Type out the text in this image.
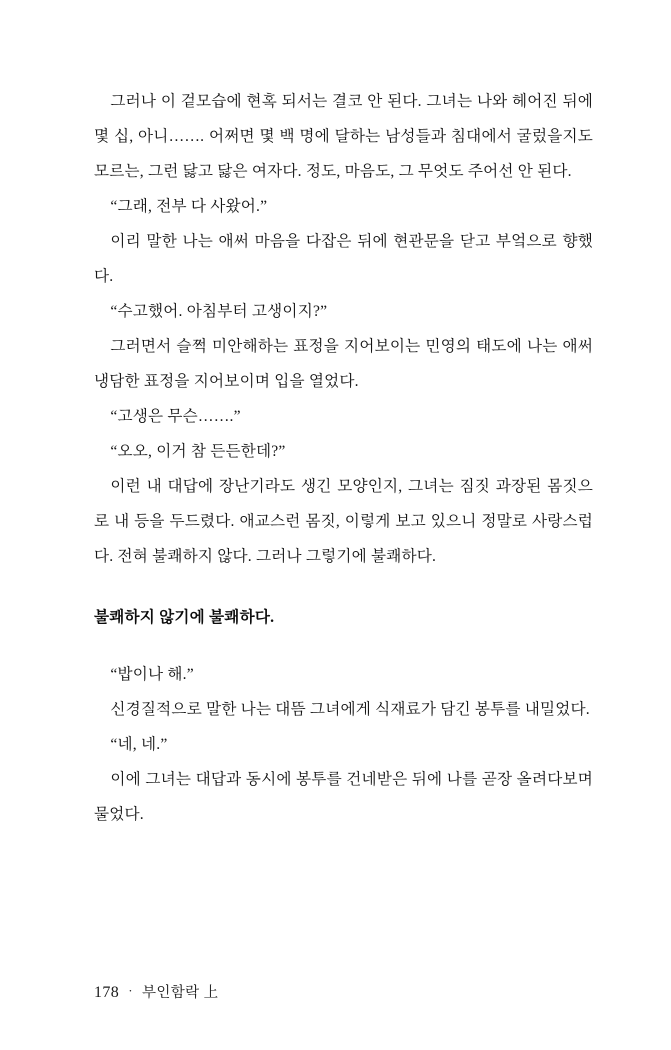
그러나 이 겉모습에 현혹 되서는 결코 안 된다. 그녀는 나와 헤어진 뒤에 몇 십, 아니……. 어쩌면 몇 백 명에 달하는 남성들과 침대에서 굴렀을지도 모르는, 그런 닳고 닳은 여자다. 정도, 마음도, 그 무엇도 주어선 안 된다.

“그래, 전부 다 사왔어.”

이리 말한 나는 애써 마음을 다잡은 뒤에 현관문을 닫고 부엌으로 향했다.

“수고했어. 아침부터 고생이지?”

그러면서 슬쩍 미안해하는 표정을 지어보이는 민영의 태도에 나는 애써 냉담한 표정을 지어보이며 입을 열었다.

“고생은 무슨…….”

“오오, 이거 참 든든한데?”

이런 내 대답에 장난기라도 생긴 모양인지, 그녀는 짐짓 과장된 몸짓으로 내 등을 두드렸다. 애교스런 몸짓, 이렇게 보고 있으니 정말로 사랑스럽다. 전혀 불쾌하지 않다. 그러나 그렇기에 불쾌하다.

불쾌하지 않기에 불쾌하다.

“밥이나 해.”

신경질적으로 말한 나는 대뜸 그녀에게 식재료가 담긴 봉투를 내밀었다.

“네, 네.”

이에 그녀는 대답과 동시에 봉투를 건네받은 뒤에 나를 곧장 올려다보며 물었다.

178 · 부인함락 上
